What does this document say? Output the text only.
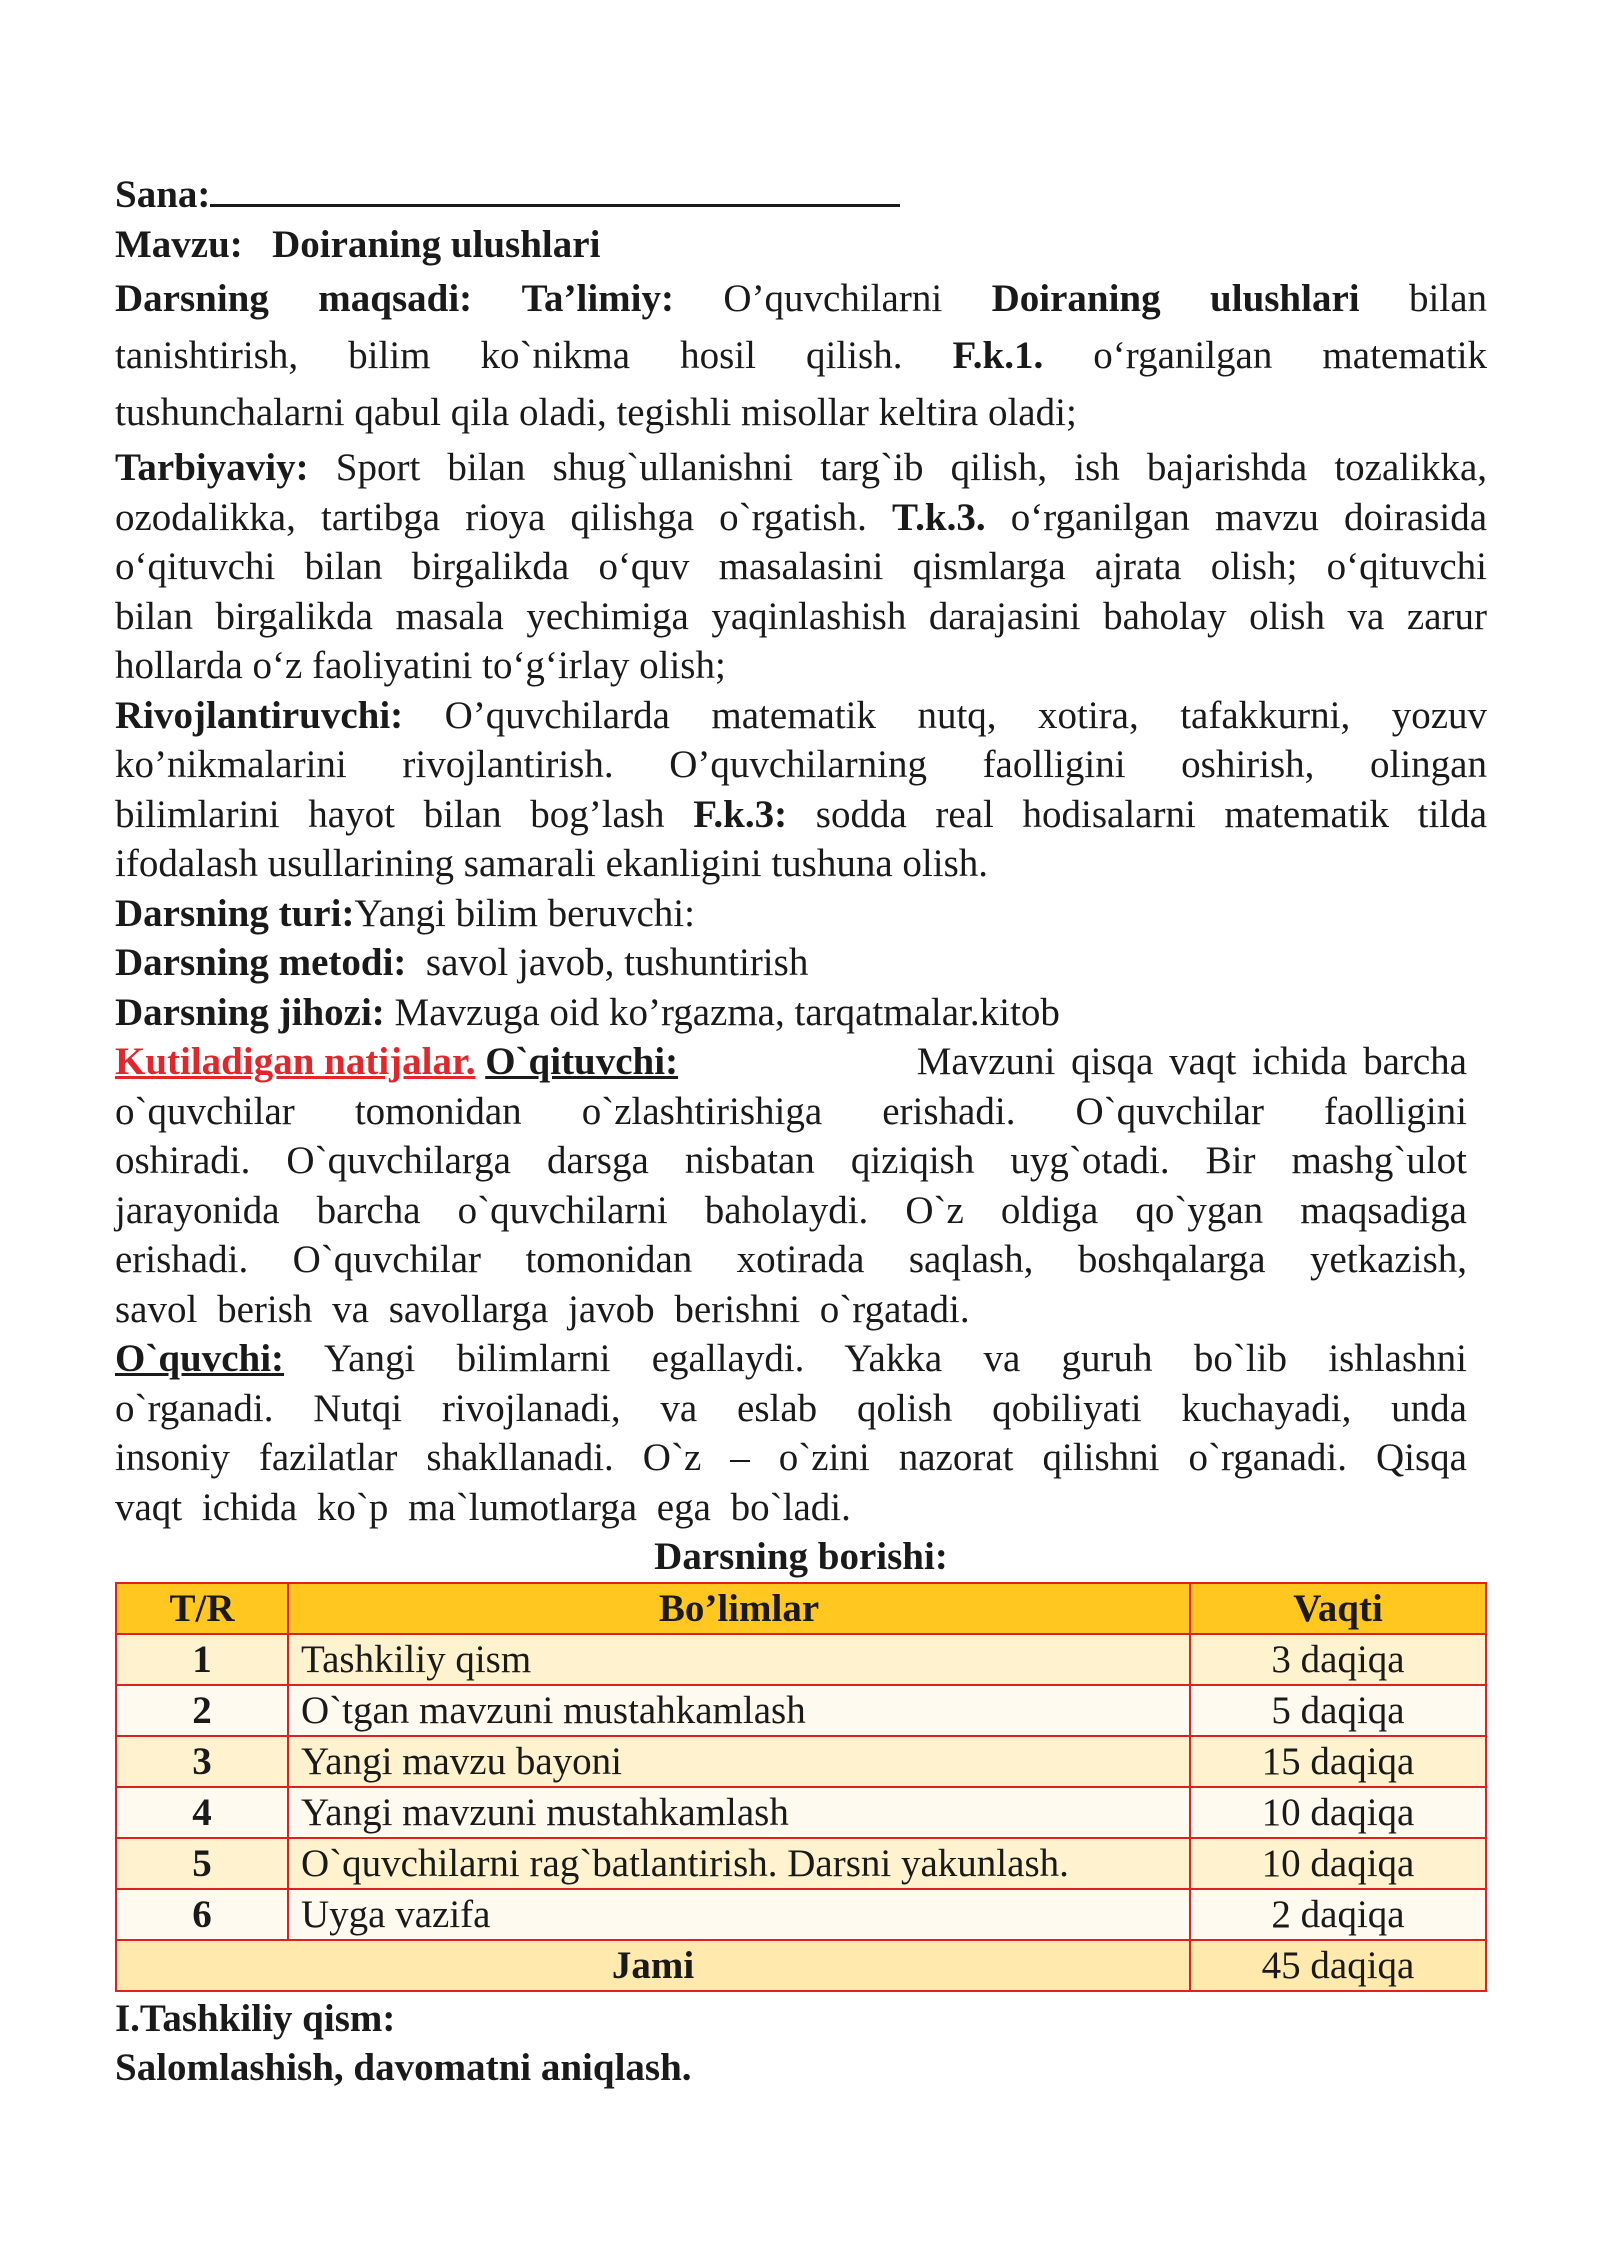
Sana:
Mavzu: Doiraning ulushlari
Darsning maqsadi: Ta’limiy: O’quvchilarni Doiraning ulushlari bilan
tanishtirish, bilim ko`nikma hosil qilish. F.k.1. o‘rganilgan matematik
tushunchalarni qabul qila oladi, tegishli misollar keltira oladi;
Tarbiyaviy: Sport bilan shug`ullanishni targ`ib qilish, ish bajarishda tozalikka,
ozodalikka, tartibga rioya qilishga o`rgatish. T.k.3. o‘rganilgan mavzu doirasida
o‘qituvchi bilan birgalikda o‘quv masalasini qismlarga ajrata olish; o‘qituvchi
bilan birgalikda masala yechimiga yaqinlashish darajasini baholay olish va zarur
hollarda o‘z faoliyatini to‘g‘irlay olish;
Rivojlantiruvchi: O’quvchilarda matematik nutq, xotira, tafakkurni, yozuv
ko’nikmalarini rivojlantirish. O’quvchilarning faolligini oshirish, olingan
bilimlarini hayot bilan bog’lash F.k.3: sodda real hodisalarni matematik tilda
ifodalash usullarining samarali ekanligini tushuna olish.
Darsning turi:Yangi bilim beruvchi:
Darsning metodi: savol javob, tushuntirish
Darsning jihozi: Mavzuga oid ko’rgazma, tarqatmalar.kitob
Kutiladigan natijalar. O`qituvchi:	Mavzuni qisqa vaqt ichida barcha
o`quvchilar tomonidan o`zlashtirishiga erishadi. O`quvchilar faolligini
oshiradi. O`quvchilarga darsga nisbatan qiziqish uyg`otadi. Bir mashg`ulot
jarayonida barcha o`quvchilarni baholaydi. O`z oldiga qo`ygan maqsadiga
erishadi. O`quvchilar tomonidan xotirada saqlash, boshqalarga yetkazish,
savol berish va savollarga javob berishni o`rgatadi.
O`quvchi: Yangi bilimlarni egallaydi. Yakka va guruh bo`lib ishlashni
o`rganadi. Nutqi rivojlanadi, va eslab qolish qobiliyati kuchayadi, unda
insoniy fazilatlar shakllanadi. O`z – o`zini nazorat qilishni o`rganadi. Qisqa
vaqt ichida ko`p ma`lumotlarga ega bo`ladi.
Darsning borishi:
T/R	Bo’limlar	Vaqti
1	Tashkiliy qism	3 daqiqa
2	O`tgan mavzuni mustahkamlash	5 daqiqa
3	Yangi mavzu bayoni	15 daqiqa
4	Yangi mavzuni mustahkamlash	10 daqiqa
5	O`quvchilarni rag`batlantirish. Darsni yakunlash.	10 daqiqa
6	Uyga vazifa	2 daqiqa
Jami		45 daqiqa
I.Tashkiliy qism:
Salomlashish, davomatni aniqlash.
